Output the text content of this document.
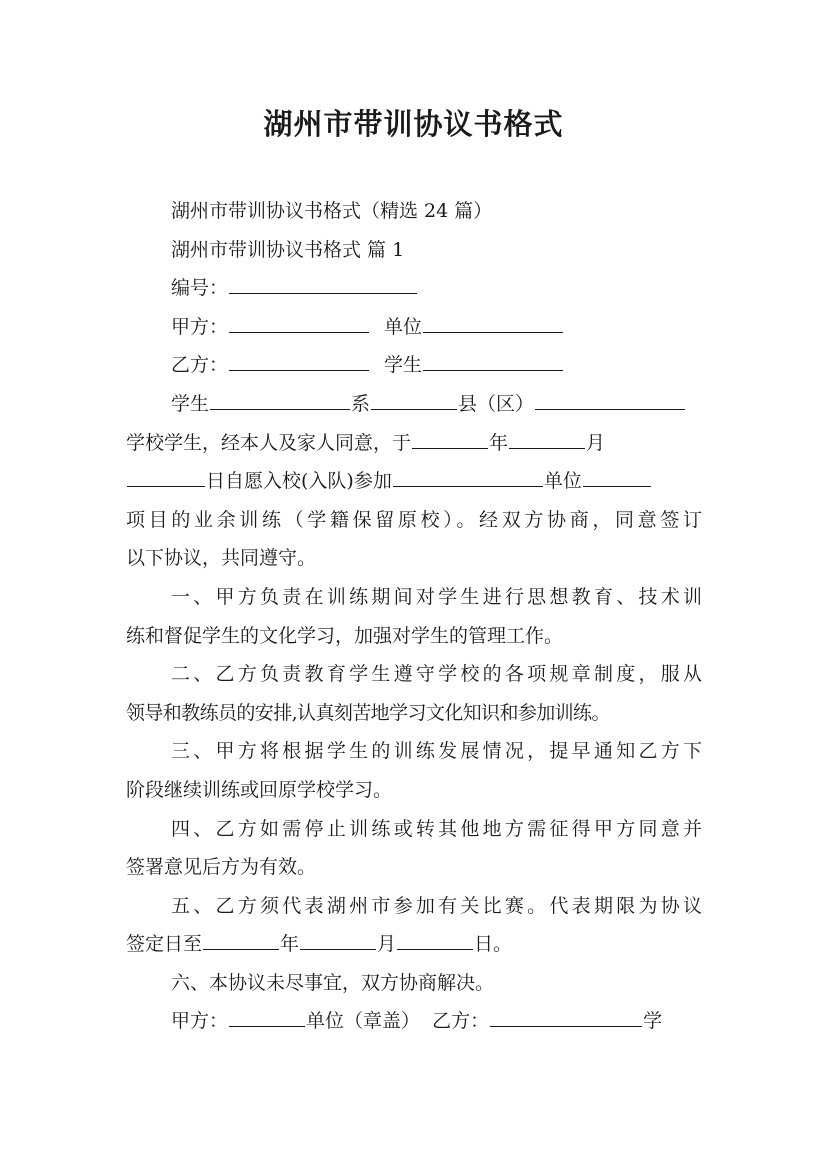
湖州市带训协议书格式
湖州市带训协议书格式（精选 24 篇）
湖州市带训协议书格式 篇 1
编号：
甲方：	单位
乙方：	学生
学生	系	县（区）
学校学生，经本人及家人同意，于	年	月
日自愿入校(入队)参加	单位
项目的业余训练（学籍保留原校）。经双方协商，同意签订
以下协议，共同遵守。
一、甲方负责在训练期间对学生进行思想教育、技术训
练和督促学生的文化学习，加强对学生的管理工作。
二、乙方负责教育学生遵守学校的各项规章制度，服从
领导和教练员的安排,认真刻苦地学习文化知识和参加训练。
三、甲方将根据学生的训练发展情况，提早通知乙方下
阶段继续训练或回原学校学习。
四、乙方如需停止训练或转其他地方需征得甲方同意并
签署意见后方为有效。
五、乙方须代表湖州市参加有关比赛。代表期限为协议
签定日至	年	月	日。
六、本协议未尽事宜，双方协商解决。
甲方：	单位（章盖）  乙方：	学
